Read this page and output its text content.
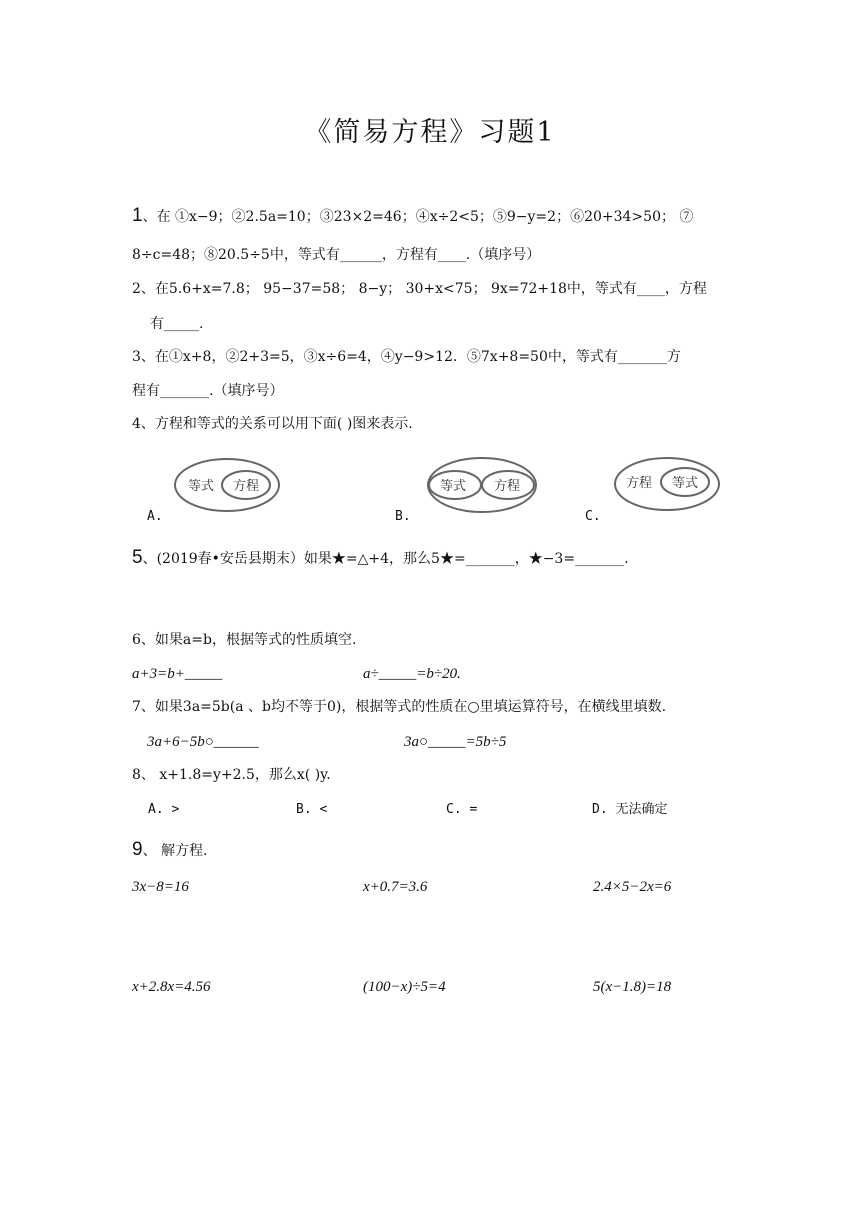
《简易方程》习题1
1、在 ①x−9；②2.5a=10；③23×2=46；④x÷2<5；⑤9−y=2；⑥20+34>50； ⑦
8÷c=48；⑧20.5÷5中，等式有______，方程有____.（填序号）
2、在5.6+x=7.8； 95−37=58； 8−y； 30+x<75； 9x=72+18中，等式有____，方程
有_____.
3、在①x+8，②2+3=5，③x÷6=4，④y−9>12．⑤7x+8=50中，等式有_______方
程有_______.（填序号）
4、方程和等式的关系可以用下面( )图来表示.
等式 方程
A.
等式 方程
B.
方程 等式
C.
5、(2019春•安岳县期末）如果★=△+4，那么5★=_______，★−3=_______.
6、如果a=b，根据等式的性质填空.
a+3=b+_____	a÷_____=b÷20.
7、如果3a=5b(a 、b均不等于0)，根据等式的性质在○里填运算符号，在横线里填数.
3a+6−5b○______	3a○_____=5b÷5
8、 x+1.8=y+2.5，那么x( )y.
A. >	B. <	C. =	D. 无法确定
9、 解方程.
3x−8=16	x+0.7=3.6	2.4×5−2x=6
x+2.8x=4.56	(100−x)÷5=4	5(x−1.8)=18
